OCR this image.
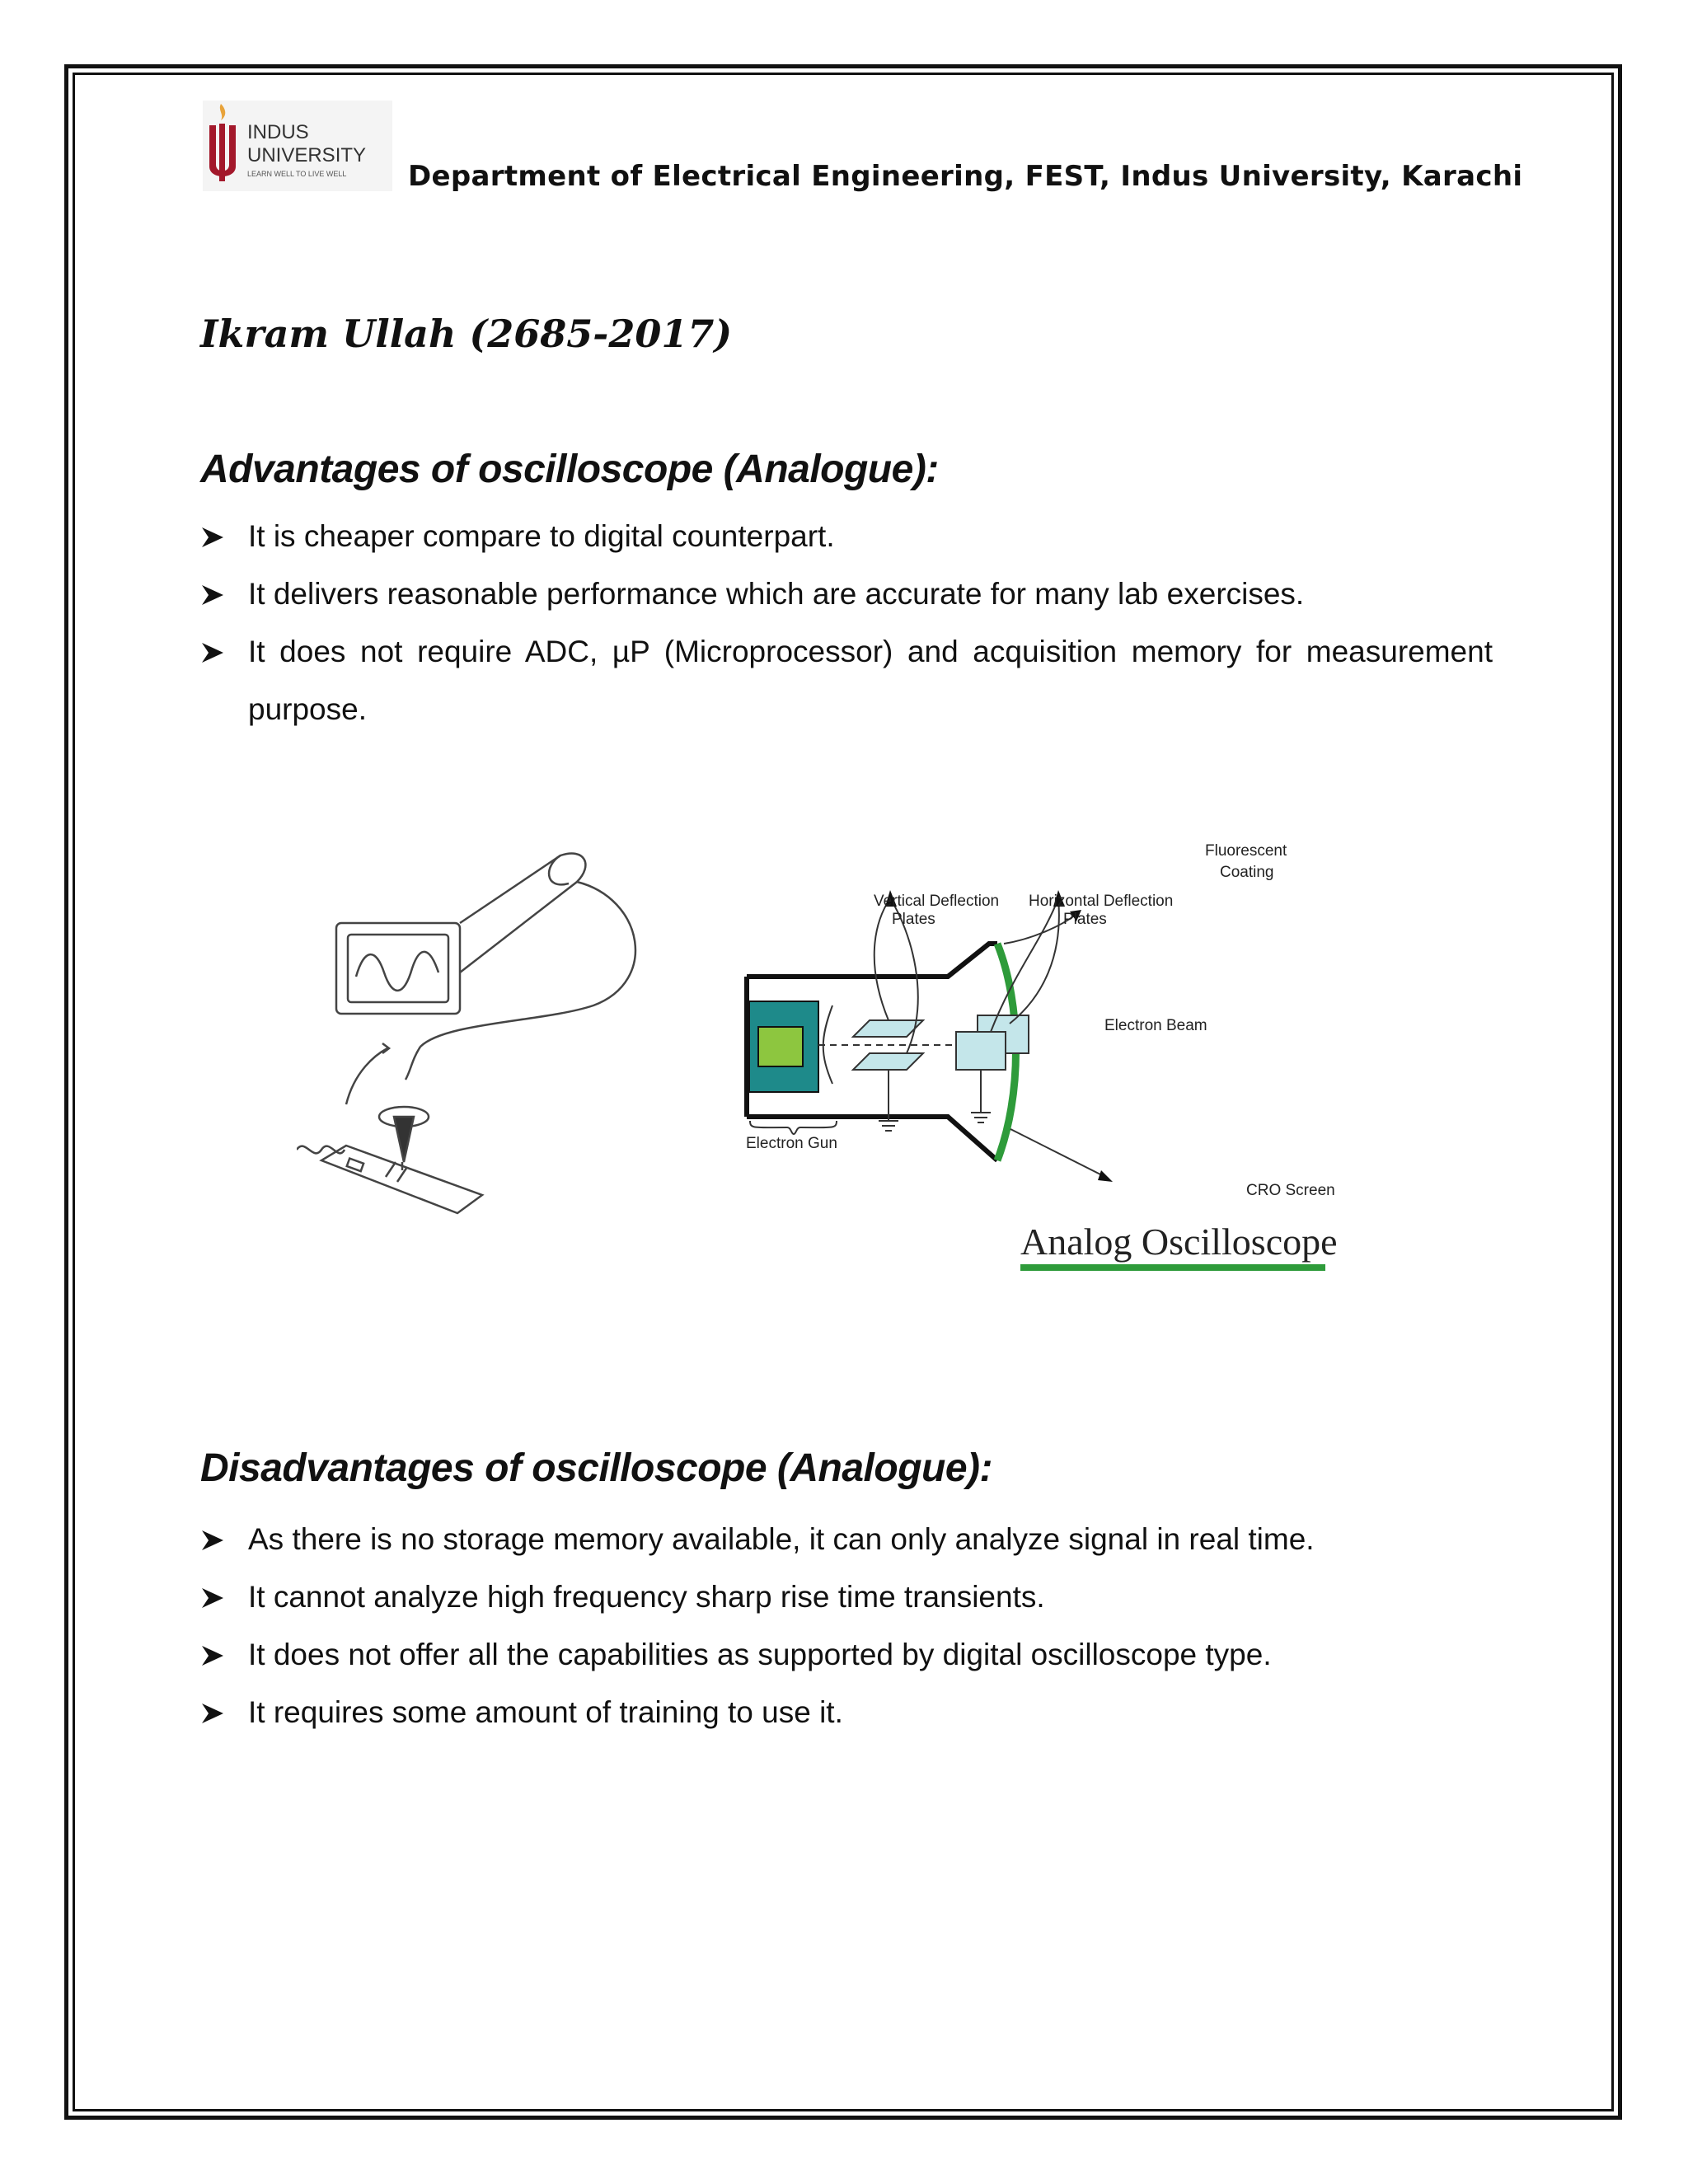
INDUS
UNIVERSITY
LEARN WELL TO LIVE WELL Department of Electrical Engineering, FEST, Indus University, Karachi
Ikram Ullah (2685-2017)
Advantages of oscilloscope (Analogue):
It is cheaper compare to digital counterpart.
It delivers reasonable performance which are accurate for many lab exercises.
It does not require ADC, µP (Microprocessor) and acquisition memory for measurement purpose.
Vertical Deflection
Plates
Horizontal Deflection
Plates
Fluorescent
Coating
Electron Beam
Electron Gun
CRO Screen
Analog Oscilloscope
Disadvantages of oscilloscope (Analogue):
As there is no storage memory available, it can only analyze signal in real time.
It cannot analyze high frequency sharp rise time transients.
It does not offer all the capabilities as supported by digital oscilloscope type.
It requires some amount of training to use it.
